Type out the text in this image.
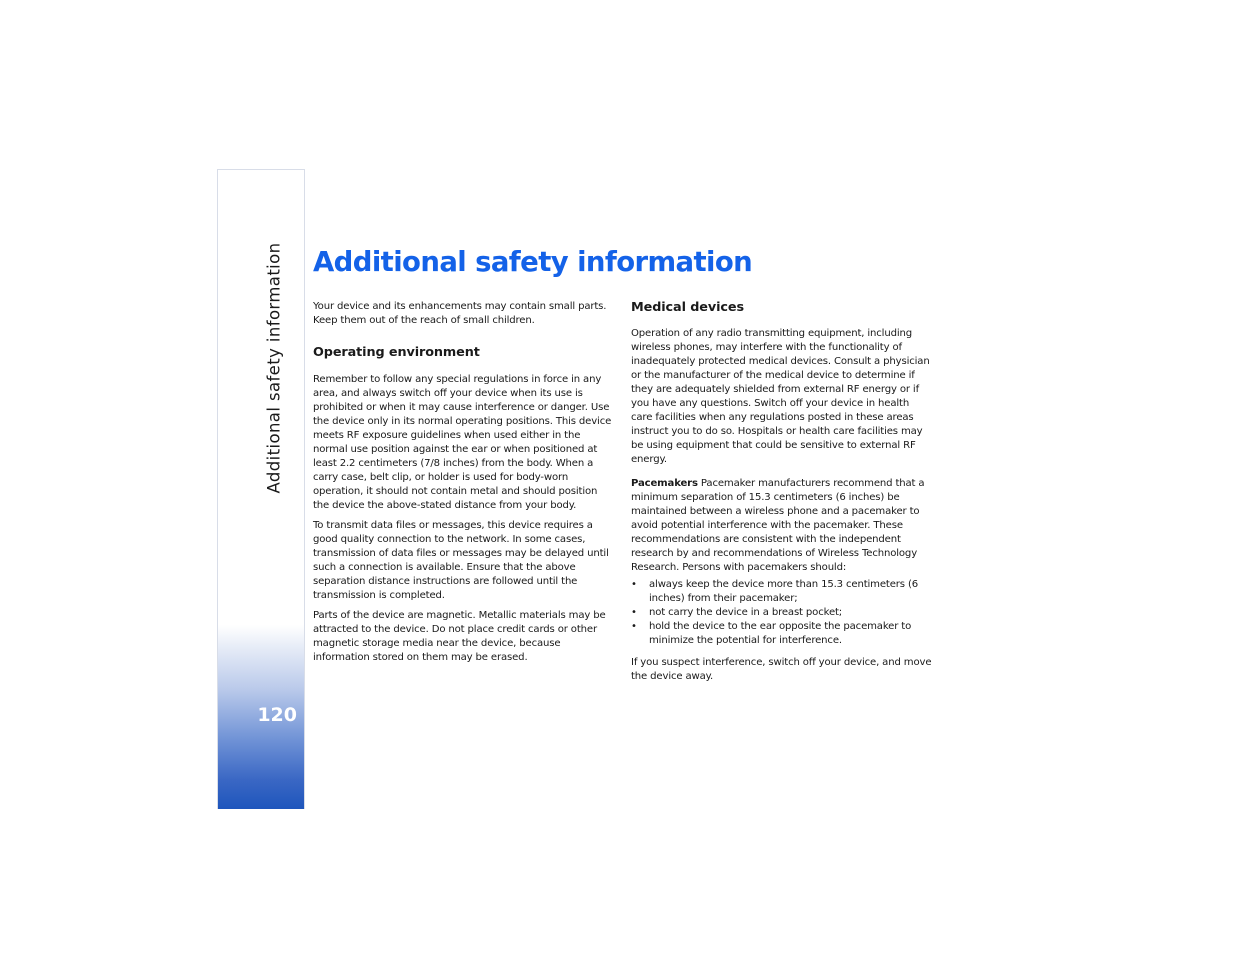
Additional safety information
120
Additional safety information

Your device and its enhancements may contain small parts. Keep them out of the reach of small children.

Operating environment

Remember to follow any special regulations in force in any area, and always switch off your device when its use is prohibited or when it may cause interference or danger. Use the device only in its normal operating positions. This device meets RF exposure guidelines when used either in the normal use position against the ear or when positioned at least 2.2 centimeters (7/8 inches) from the body. When a carry case, belt clip, or holder is used for body-worn operation, it should not contain metal and should position the device the above-stated distance from your body.

To transmit data files or messages, this device requires a good quality connection to the network. In some cases, transmission of data files or messages may be delayed until such a connection is available. Ensure that the above separation distance instructions are followed until the transmission is completed.

Parts of the device are magnetic. Metallic materials may be attracted to the device. Do not place credit cards or other magnetic storage media near the device, because information stored on them may be erased.

Medical devices

Operation of any radio transmitting equipment, including wireless phones, may interfere with the functionality of inadequately protected medical devices. Consult a physician or the manufacturer of the medical device to determine if they are adequately shielded from external RF energy or if you have any questions. Switch off your device in health care facilities when any regulations posted in these areas instruct you to do so. Hospitals or health care facilities may be using equipment that could be sensitive to external RF energy.

Pacemakers Pacemaker manufacturers recommend that a minimum separation of 15.3 centimeters (6 inches) be maintained between a wireless phone and a pacemaker to avoid potential interference with the pacemaker. These recommendations are consistent with the independent research by and recommendations of Wireless Technology Research. Persons with pacemakers should:

• always keep the device more than 15.3 centimeters (6 inches) from their pacemaker;
• not carry the device in a breast pocket;
• hold the device to the ear opposite the pacemaker to minimize the potential for interference.

If you suspect interference, switch off your device, and move the device away.
